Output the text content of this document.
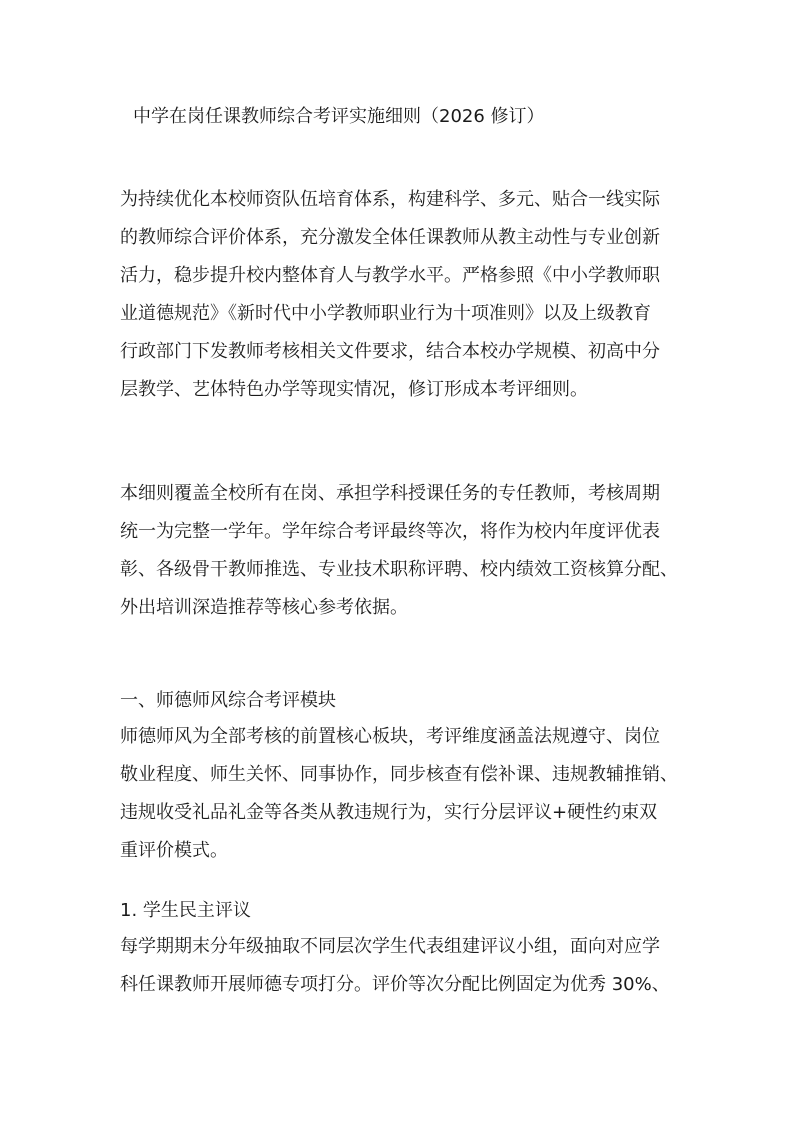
中学在岗任课教师综合考评实施细则（2026 修订）
为持续优化本校师资队伍培育体系，构建科学、多元、贴合一线实际
的教师综合评价体系，充分激发全体任课教师从教主动性与专业创新
活力，稳步提升校内整体育人与教学水平。严格参照《中小学教师职
业道德规范》《新时代中小学教师职业行为十项准则》以及上级教育
行政部门下发教师考核相关文件要求，结合本校办学规模、初高中分
层教学、艺体特色办学等现实情况，修订形成本考评细则。
本细则覆盖全校所有在岗、承担学科授课任务的专任教师，考核周期
统一为完整一学年。学年综合考评最终等次，将作为校内年度评优表
彰、各级骨干教师推选、专业技术职称评聘、校内绩效工资核算分配、
外出培训深造推荐等核心参考依据。
一、师德师风综合考评模块
师德师风为全部考核的前置核心板块，考评维度涵盖法规遵守、岗位
敬业程度、师生关怀、同事协作，同步核查有偿补课、违规教辅推销、
违规收受礼品礼金等各类从教违规行为，实行分层评议+硬性约束双
重评价模式。
1. 学生民主评议
每学期期末分年级抽取不同层次学生代表组建评议小组，面向对应学
科任课教师开展师德专项打分。评价等次分配比例固定为优秀 30%、
